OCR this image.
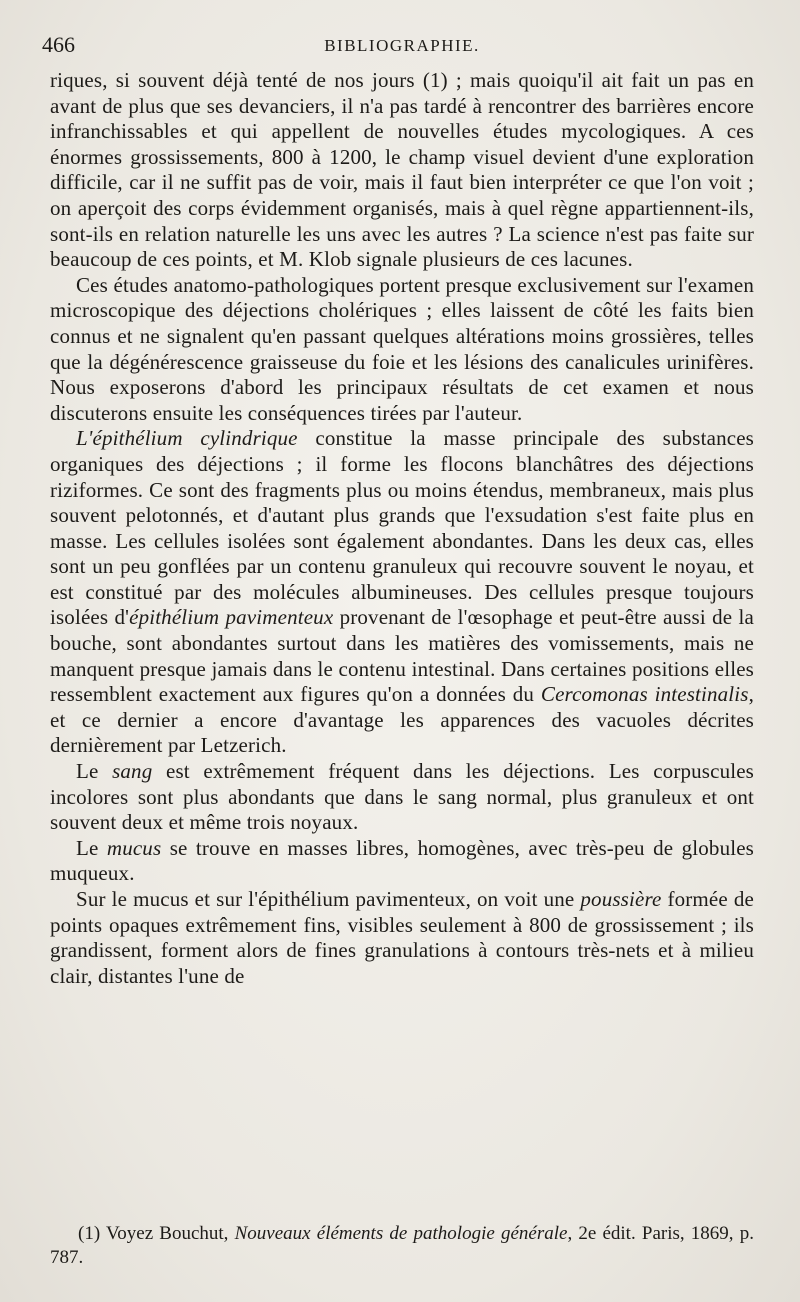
466	BIBLIOGRAPHIE.

riques, si souvent déjà tenté de nos jours (1) ; mais quoiqu'il ait fait un pas en avant de plus que ses devanciers, il n'a pas tardé à rencontrer des barrières encore infranchissables et qui appellent de nouvelles études mycologiques. A ces énormes grossissements, 800 à 1200, le champ visuel devient d'une exploration difficile, car il ne suffit pas de voir, mais il faut bien interpréter ce que l'on voit ; on aperçoit des corps évidemment organisés, mais à quel règne appartiennent-ils, sont-ils en relation naturelle les uns avec les autres ? La science n'est pas faite sur beaucoup de ces points, et M. Klob signale plusieurs de ces lacunes.

Ces études anatomo-pathologiques portent presque exclusivement sur l'examen microscopique des déjections cholériques ; elles laissent de côté les faits bien connus et ne signalent qu'en passant quelques altérations moins grossières, telles que la dégénérescence graisseuse du foie et les lésions des canalicules urinifères. Nous exposerons d'abord les principaux résultats de cet examen et nous discuterons ensuite les conséquences tirées par l'auteur.

L'épithélium cylindrique constitue la masse principale des substances organiques des déjections ; il forme les flocons blanchâtres des déjections riziformes. Ce sont des fragments plus ou moins étendus, membraneux, mais plus souvent pelotonnés, et d'autant plus grands que l'exsudation s'est faite plus en masse. Les cellules isolées sont également abondantes. Dans les deux cas, elles sont un peu gonflées par un contenu granuleux qui recouvre souvent le noyau, et est constitué par des molécules albumineuses. Des cellules presque toujours isolées d'épithélium pavimenteux provenant de l'œsophage et peut-être aussi de la bouche, sont abondantes surtout dans les matières des vomissements, mais ne manquent presque jamais dans le contenu intestinal. Dans certaines positions elles ressemblent exactement aux figures qu'on a données du Cercomonas intestinalis, et ce dernier a encore d'avantage les apparences des vacuoles décrites dernièrement par Letzerich.

Le sang est extrêmement fréquent dans les déjections. Les corpuscules incolores sont plus abondants que dans le sang normal, plus granuleux et ont souvent deux et même trois noyaux.

Le mucus se trouve en masses libres, homogènes, avec très-peu de globules muqueux.

Sur le mucus et sur l'épithélium pavimenteux, on voit une poussière formée de points opaques extrêmement fins, visibles seulement à 800 de grossissement ; ils grandissent, forment alors de fines granulations à contours très-nets et à milieu clair, distantes l'une de

(1) Voyez Bouchut, Nouveaux éléments de pathologie générale, 2e édit. Paris, 1869, p. 787.
